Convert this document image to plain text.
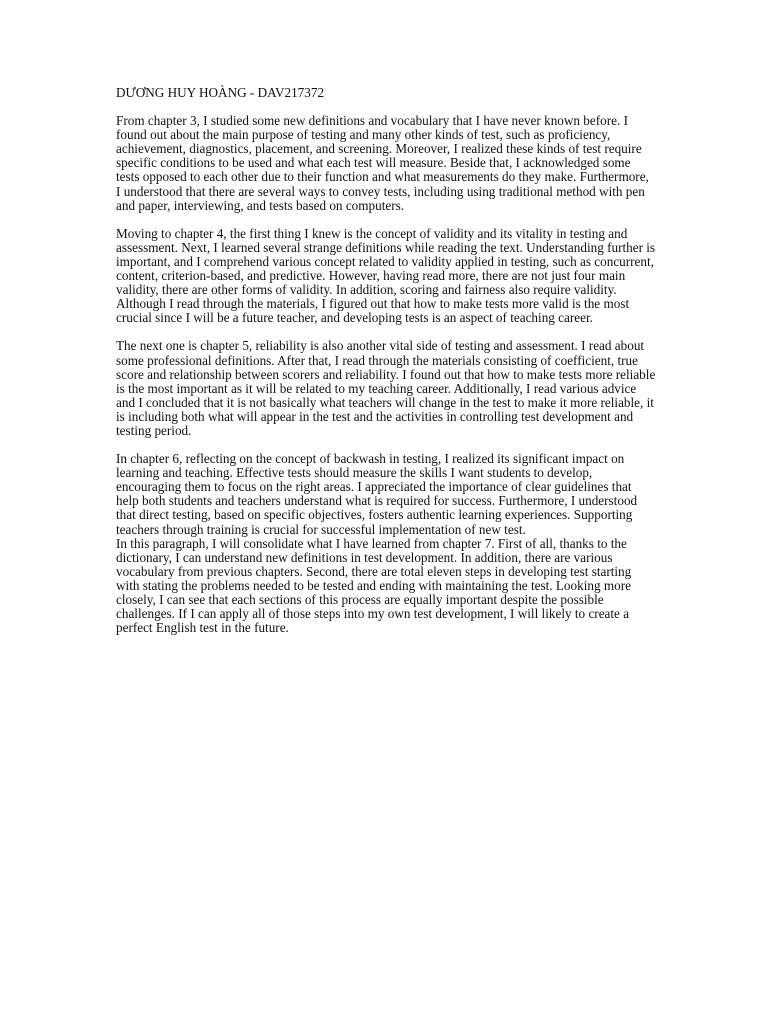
DƯƠNG HUY HOÀNG - DAV217372

From chapter 3, I studied some new definitions and vocabulary that I have never known before. I found out about the main purpose of testing and many other kinds of test, such as proficiency, achievement, diagnostics, placement, and screening. Moreover, I realized these kinds of test require specific conditions to be used and what each test will measure. Beside that, I acknowledged some tests opposed to each other due to their function and what measurements do they make. Furthermore, I understood that there are several ways to convey tests, including using traditional method with pen and paper, interviewing, and tests based on computers.

Moving to chapter 4, the first thing I knew is the concept of validity and its vitality in testing and assessment. Next, I learned several strange definitions while reading the text. Understanding further is important, and I comprehend various concept related to validity applied in testing, such as concurrent, content, criterion-based, and predictive. However, having read more, there are not just four main validity, there are other forms of validity. In addition, scoring and fairness also require validity. Although I read through the materials, I figured out that how to make tests more valid is the most crucial since I will be a future teacher, and developing tests is an aspect of teaching career.

The next one is chapter 5, reliability is also another vital side of testing and assessment. I read about some professional definitions. After that, I read through the materials consisting of coefficient, true score and relationship between scorers and reliability. I found out that how to make tests more reliable is the most important as it will be related to my teaching career. Additionally, I read various advice and I concluded that it is not basically what teachers will change in the test to make it more reliable, it is including both what will appear in the test and the activities in controlling test development and testing period.

In chapter 6, reflecting on the concept of backwash in testing, I realized its significant impact on learning and teaching. Effective tests should measure the skills I want students to develop, encouraging them to focus on the right areas. I appreciated the importance of clear guidelines that help both students and teachers understand what is required for success. Furthermore, I understood that direct testing, based on specific objectives, fosters authentic learning experiences. Supporting teachers through training is crucial for successful implementation of new test.

In this paragraph, I will consolidate what I have learned from chapter 7. First of all, thanks to the dictionary, I can understand new definitions in test development. In addition, there are various vocabulary from previous chapters. Second, there are total eleven steps in developing test starting with stating the problems needed to be tested and ending with maintaining the test. Looking more closely, I can see that each sections of this process are equally important despite the possible challenges. If I can apply all of those steps into my own test development, I will likely to create a perfect English test in the future.
